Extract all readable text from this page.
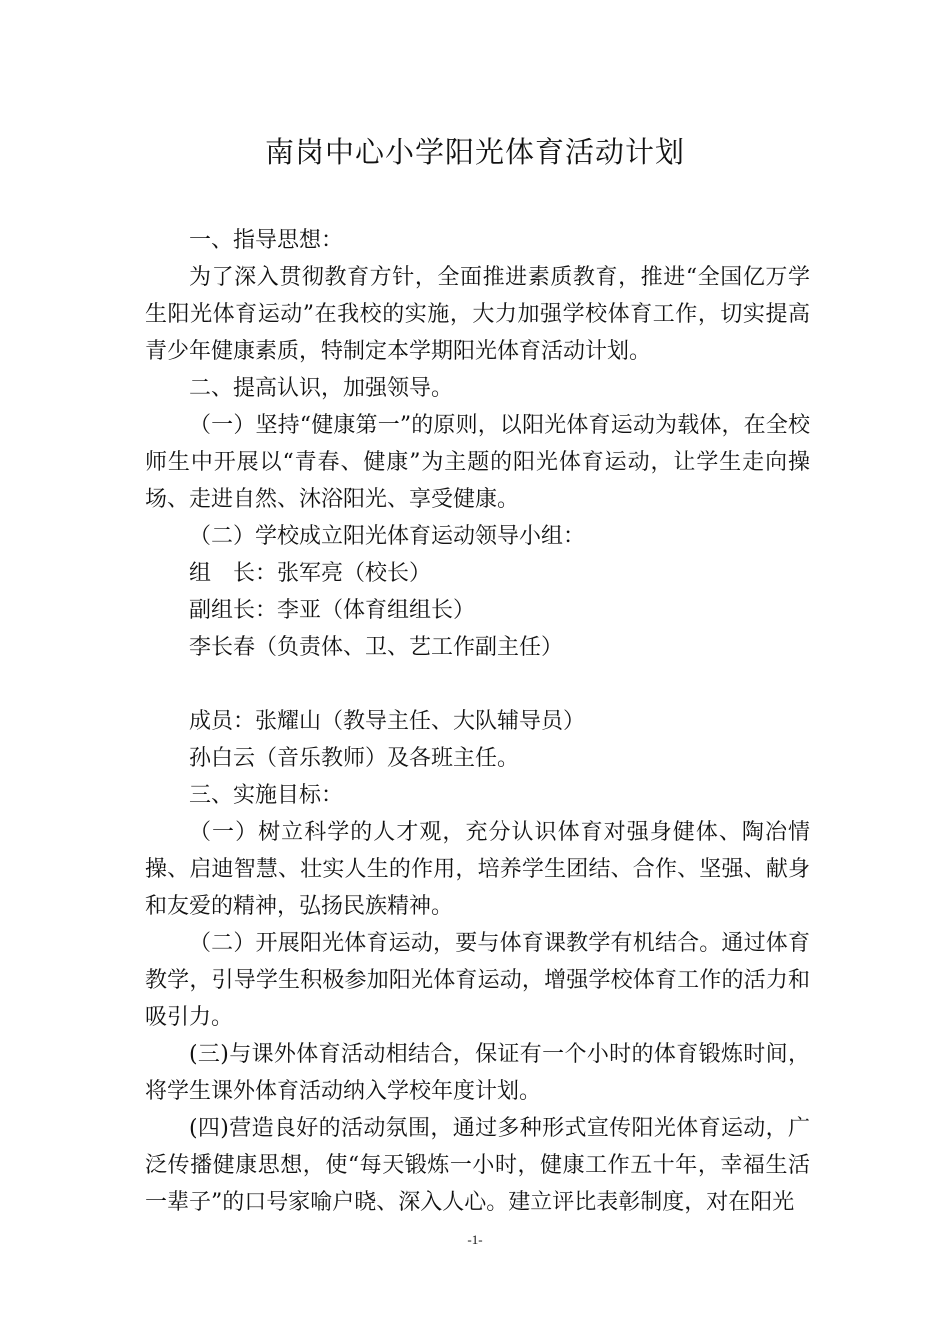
南岗中心小学阳光体育活动计划

一、指导思想：

为了深入贯彻教育方针，全面推进素质教育，推进“全国亿万学生阳光体育运动”在我校的实施，大力加强学校体育工作，切实提高青少年健康素质，特制定本学期阳光体育活动计划。

二、提高认识，加强领导。

（一）坚持“健康第一”的原则，以阳光体育运动为载体，在全校师生中开展以“青春、健康”为主题的阳光体育运动，让学生走向操场、走进自然、沐浴阳光、享受健康。

（二）学校成立阳光体育运动领导小组：

组　长：张军亮（校长）

副组长：李亚（体育组组长）

李长春（负责体、卫、艺工作副主任）

成员：张耀山（教导主任、大队辅导员）

孙白云（音乐教师）及各班主任。

三、实施目标：

（一）树立科学的人才观，充分认识体育对强身健体、陶冶情操、启迪智慧、壮实人生的作用，培养学生团结、合作、坚强、献身和友爱的精神，弘扬民族精神。

（二）开展阳光体育运动，要与体育课教学有机结合。通过体育教学，引导学生积极参加阳光体育运动，增强学校体育工作的活力和吸引力。

(三)与课外体育活动相结合，保证有一个小时的体育锻炼时间，将学生课外体育活动纳入学校年度计划。

(四)营造良好的活动氛围，通过多种形式宣传阳光体育运动，广泛传播健康思想，使“每天锻炼一小时，健康工作五十年，幸福生活一辈子”的口号家喻户晓、深入人心。建立评比表彰制度，对在阳光

-1-
